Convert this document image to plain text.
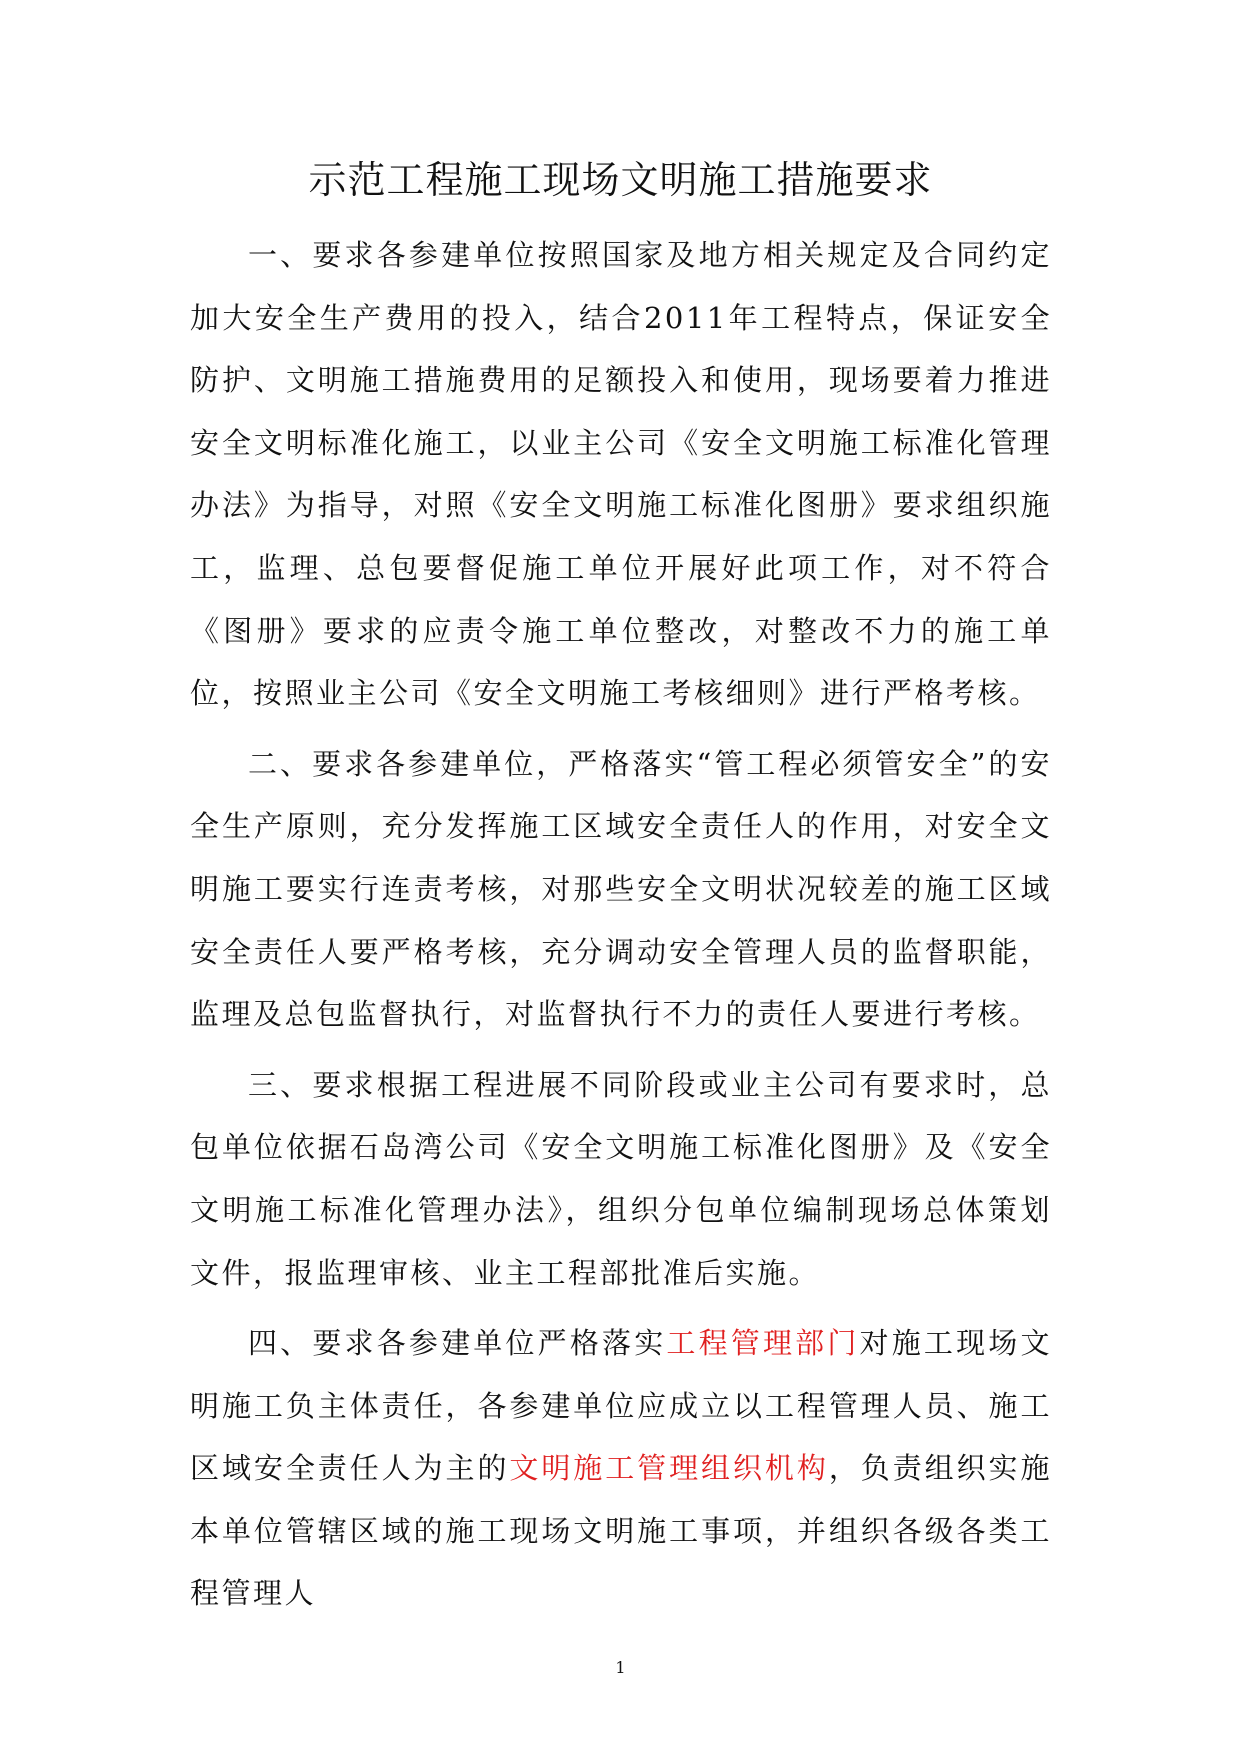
示范工程施工现场文明施工措施要求

一、要求各参建单位按照国家及地方相关规定及合同约定加大安全生产费用的投入，结合2011年工程特点，保证安全防护、文明施工措施费用的足额投入和使用，现场要着力推进安全文明标准化施工，以业主公司《安全文明施工标准化管理办法》为指导，对照《安全文明施工标准化图册》要求组织施工，监理、总包要督促施工单位开展好此项工作，对不符合《图册》要求的应责令施工单位整改，对整改不力的施工单位，按照业主公司《安全文明施工考核细则》进行严格考核。

二、要求各参建单位，严格落实“管工程必须管安全”的安全生产原则，充分发挥施工区域安全责任人的作用，对安全文明施工要实行连责考核，对那些安全文明状况较差的施工区域安全责任人要严格考核，充分调动安全管理人员的监督职能，监理及总包监督执行，对监督执行不力的责任人要进行考核。

三、要求根据工程进展不同阶段或业主公司有要求时，总包单位依据石岛湾公司《安全文明施工标准化图册》及《安全文明施工标准化管理办法》，组织分包单位编制现场总体策划文件，报监理审核、业主工程部批准后实施。

四、要求各参建单位严格落实工程管理部门对施工现场文明施工负主体责任，各参建单位应成立以工程管理人员、施工区域安全责任人为主的文明施工管理组织机构，负责组织实施本单位管辖区域的施工现场文明施工事项，并组织各级各类工程管理人

1
